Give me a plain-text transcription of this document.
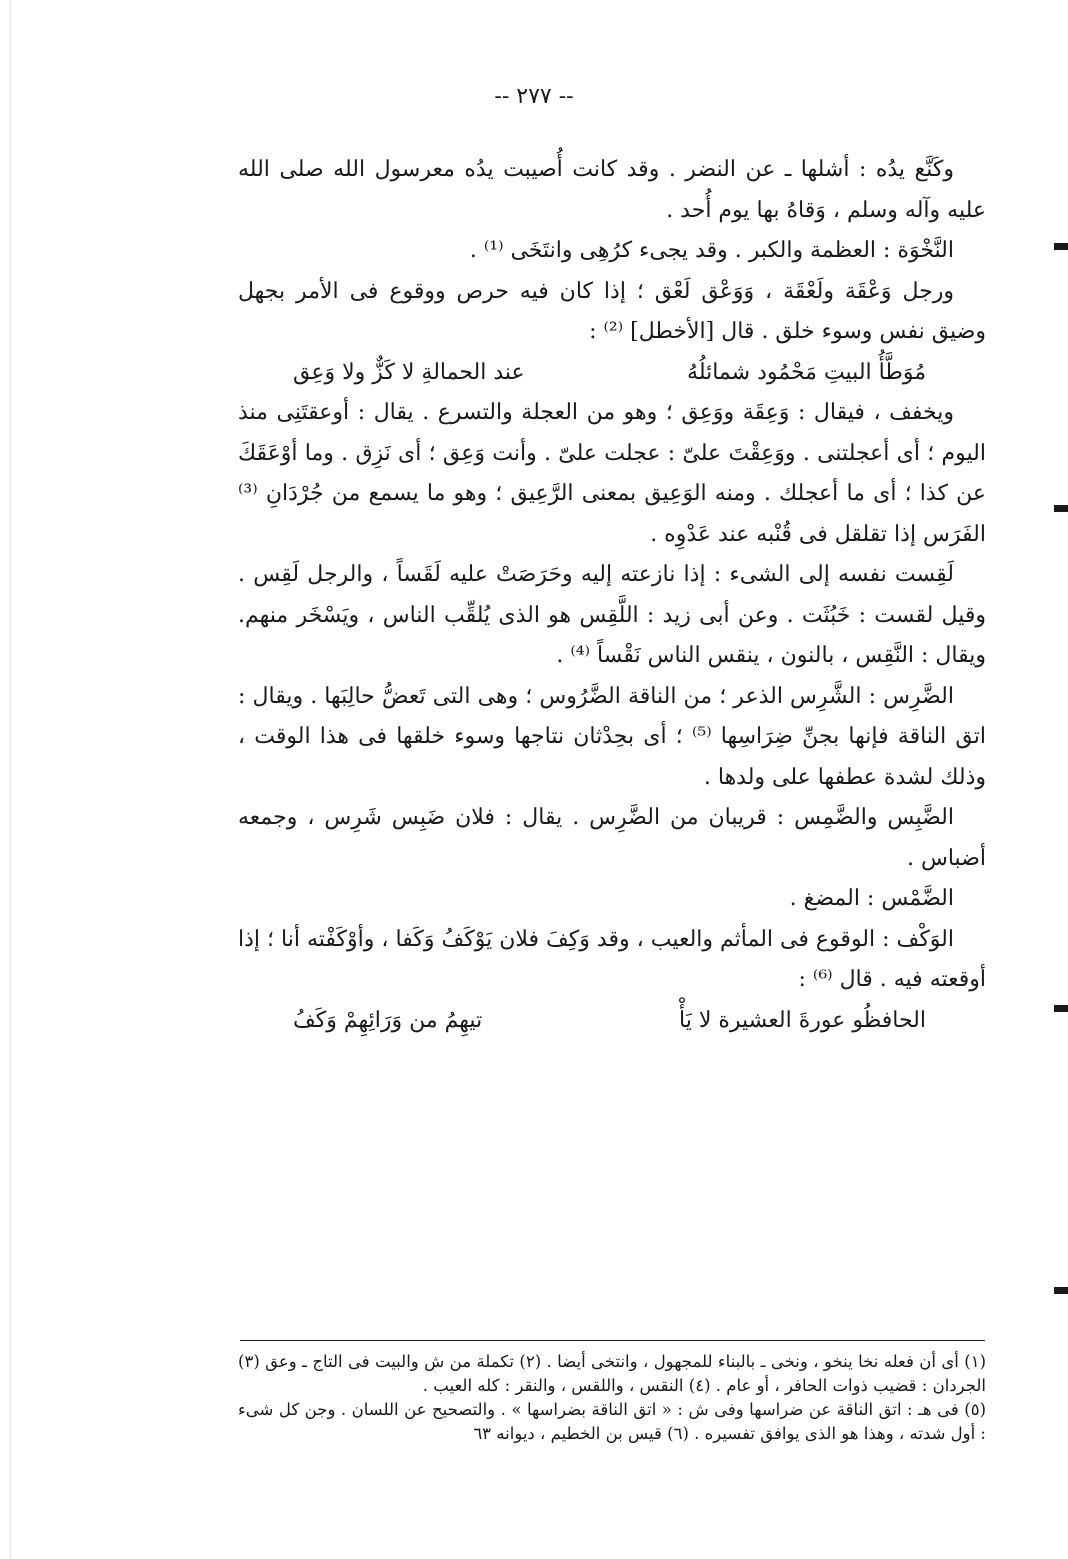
-- ٢٧٧ --

وكَنَّع يدُه : أشلها ـ عن النضر . وقد كانت أُصيبت يدُه معرسول الله صلى الله عليه وآله وسلم ، وَقاهُ بها يوم أُحد .

النَّخْوَة : العظمة والكبر . وقد يجىء كرُهِى وانتَخَى ⁽¹⁾ .

ورجل وَعْقَة ولَعْقَة ، وَوَعْق لَعْق ؛ إذا كان فيه حرص ووقوع فى الأمر بجهل وضيق نفس وسوء خلق . قال [الأخطل] ⁽²⁾ :

مُوَطَّأُ البيتِ مَحْمُود شمائلُهُ
عند الحمالةِ لا كَزٌّ ولا وَعِق

ويخفف ، فيقال : وَعِقَة ووَعِق ؛ وهو من العجلة والتسرع . يقال : أوعقتَنِى منذ اليوم ؛ أى أعجلتنى . ووَعِقْتَ علىّ : عجلت علىّ . وأنت وَعِق ؛ أى نَزِق . وما أوْعَقَكَ عن كذا ؛ أى ما أعجلك . ومنه الوَعِيق بمعنى الرَّعِيق ؛ وهو ما يسمع من جُرْدَانِ ⁽³⁾ الفَرَس إذا تقلقل فى قُنْبه عند عَدْوِه .

لَقِست نفسه إلى الشىء : إذا نازعته إليه وحَرَصَتْ عليه لَقَساً ، والرجل لَقِس . وقيل لقست : خَبُثَت . وعن أبى زيد : اللَّقِس هو الذى يُلقِّب الناس ، ويَسْخَر منهم. ويقال : النَّقِس ، بالنون ، ينقس الناس نَقْساً ⁽⁴⁾ .

الضَّرِس : الشَّرِس الذعر ؛ من الناقة الضَّرُوس ؛ وهى التى تَعضُّ حالِبَها . ويقال : اتق الناقة فإنها بجنِّ ضِرَاسِها ⁽⁵⁾ ؛ أى بحِدْثان نتاجها وسوء خلقها فى هذا الوقت ، وذلك لشدة عطفها على ولدها .

الضَّبِس والضَّمِس : قريبان من الضَّرِس . يقال : فلان ضَبِس شَرِس ، وجمعه أضباس .

الضَّمْس : المضغ .

الوَكْف : الوقوع فى المأثم والعيب ، وقد وَكِفَ فلان يَوْكَفُ وَكَفا ، وأوْكَفْته أنا ؛ إذا أوقعته فيه . قال ⁽⁶⁾ :

الحافظُو عورةَ العشيرة لا يَأْ
تيهِمُ من وَرَائِهِمْ وَكَفُ

(١) أى أن فعله نخا ينخو ، ونخى ـ بالبناء للمجهول ، وانتخى أيضا . (٢) تكملة من ش والبيت فى التاج ـ وعق (٣) الجردان : قضيب ذوات الحافر ، أو عام . (٤) النقس ، واللقس ، والنقر : كله العيب .

(٥) فى هـ : اتق الناقة عن ضراسها وفى ش : « اتق الناقة بضراسها » . والتصحيح عن اللسان . وجن كل شىء : أول شدته ، وهذا هو الذى يوافق تفسيره . (٦) قيس بن الخطيم ، ديوانه ٦٣
